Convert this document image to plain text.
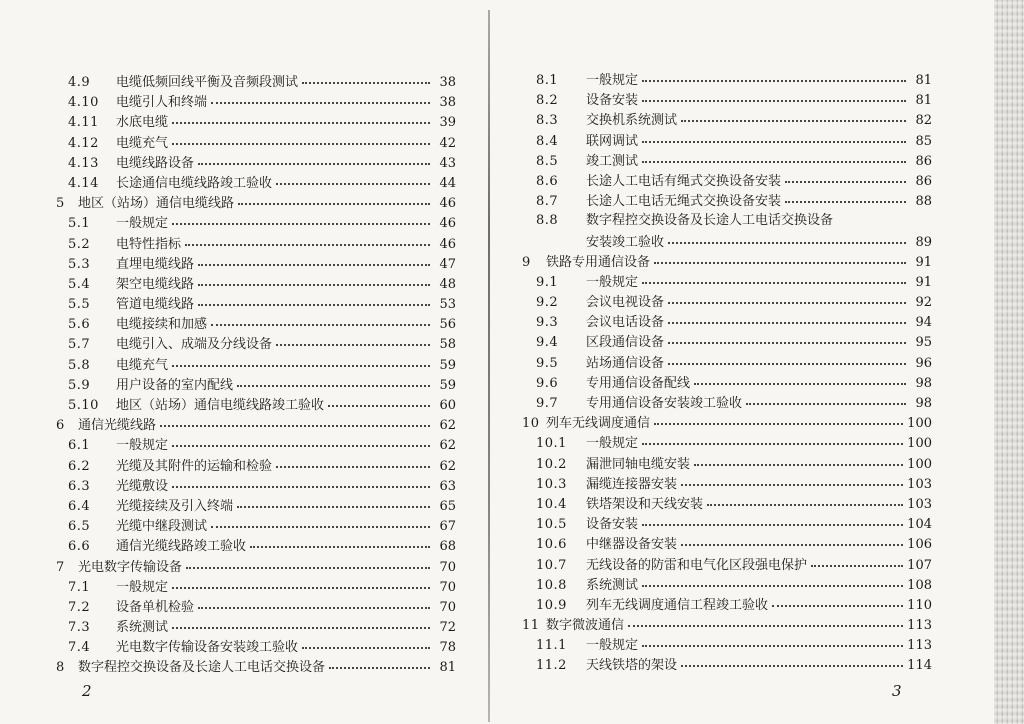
4.9	电缆低频回线平衡及音频段测试	38
4.10	电缆引人和终端	38
4.11	水底电缆	39
4.12	电缆充气	42
4.13	电缆线路设备	43
4.14	长途通信电缆线路竣工验收	44
5	地区（站场）通信电缆线路	46
5.1	一般规定	46
5.2	电特性指标	46
5.3	直埋电缆线路	47
5.4	架空电缆线路	48
5.5	管道电缆线路	53
5.6	电缆接续和加感	56
5.7	电缆引入、成端及分线设备	58
5.8	电缆充气	59
5.9	用户设备的室内配线	59
5.10	地区（站场）通信电缆线路竣工验收	60
6	通信光缆线路	62
6.1	一般规定	62
6.2	光缆及其附件的运输和检验	62
6.3	光缆敷设	63
6.4	光缆接续及引入终端	65
6.5	光缆中继段测试	67
6.6	通信光缆线路竣工验收	68
7	光电数字传输设备	70
7.1	一般规定	70
7.2	设备单机检验	70
7.3	系统测试	72
7.4	光电数字传输设备安装竣工验收	78
8	数字程控交换设备及长途人工电话交换设备	81
2
8.1	一般规定	81
8.2	设备安装	81
8.3	交换机系统测试	82
8.4	联网调试	85
8.5	竣工测试	86
8.6	长途人工电话有绳式交换设备安装	86
8.7	长途人工电话无绳式交换设备安装	88
8.8	数字程控交换设备及长途人工电话交换设备
安装竣工验收	89
9	铁路专用通信设备	91
9.1	一般规定	91
9.2	会议电视设备	92
9.3	会议电话设备	94
9.4	区段通信设备	95
9.5	站场通信设备	96
9.6	专用通信设备配线	98
9.7	专用通信设备安装竣工验收	98
10 列车无线调度通信	100
10.1	一般规定	100
10.2	漏泄同轴电缆安装	100
10.3	漏缆连接器安装	103
10.4	铁塔架设和天线安装	103
10.5	设备安装	104
10.6	中继器设备安装	106
10.7	无线设备的防雷和电气化区段强电保护	107
10.8	系统测试	108
10.9	列车无线调度通信工程竣工验收	110
11 数字微波通信	113
11.1	一般规定	113
11.2	天线铁塔的架设	114
3
